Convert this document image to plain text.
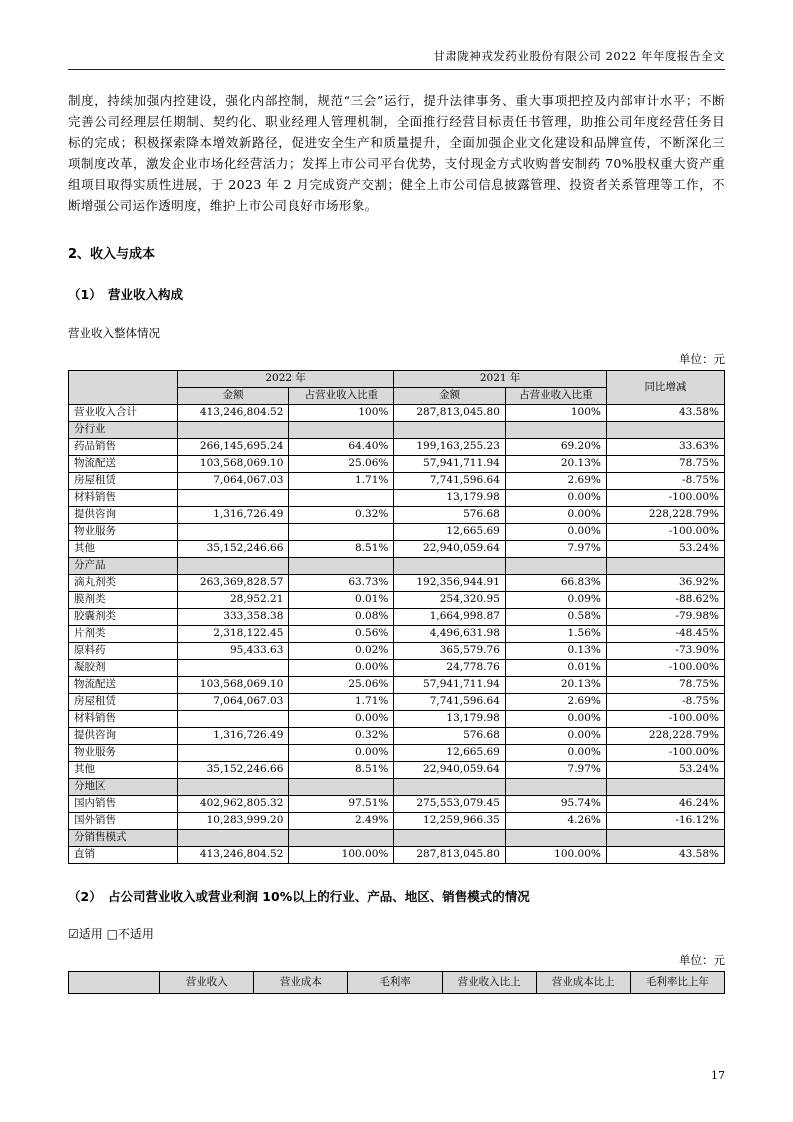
甘肃陇神戎发药业股份有限公司 2022 年年度报告全文

制度，持续加强内控建设，强化内部控制，规范“三会”运行，提升法律事务、重大事项把控及内部审计水平；不断完善公司经理层任期制、契约化、职业经理人管理机制，全面推行经营目标责任书管理，助推公司年度经营任务目标的完成；积极探索降本增效新路径，促进安全生产和质量提升，全面加强企业文化建设和品牌宣传，不断深化三项制度改革，激发企业市场化经营活力；发挥上市公司平台优势，支付现金方式收购普安制药 70%股权重大资产重组项目取得实质性进展，于 2023 年 2 月完成资产交割；健全上市公司信息披露管理、投资者关系管理等工作，不断增强公司运作透明度，维护上市公司良好市场形象。

2、收入与成本
（1）　营业收入构成

营业收入整体情况

单位：元
	2022 年		2021 年		同比增减
	金额	占营业收入比重	金额	占营业收入比重	
营业收入合计	413,246,804.52	100%	287,813,045.80	100%	43.58%
分行业					
药品销售	266,145,695.24	64.40%	199,163,255.23	69.20%	33.63%
物流配送	103,568,069.10	25.06%	57,941,711.94	20.13%	78.75%
房屋租赁	7,064,067.03	1.71%	7,741,596.64	2.69%	-8.75%
材料销售			13,179.98	0.00%	-100.00%
提供咨询	1,316,726.49	0.32%	576.68	0.00%	228,228.79%
物业服务			12,665.69	0.00%	-100.00%
其他	35,152,246.66	8.51%	22,940,059.64	7.97%	53.24%
分产品					
滴丸剂类	263,369,828.57	63.73%	192,356,944.91	66.83%	36.92%
膜剂类	28,952.21	0.01%	254,320.95	0.09%	-88.62%
胶囊剂类	333,358.38	0.08%	1,664,998.87	0.58%	-79.98%
片剂类	2,318,122.45	0.56%	4,496,631.98	1.56%	-48.45%
原料药	95,433.63	0.02%	365,579.76	0.13%	-73.90%
凝胶剂		0.00%	24,778.76	0.01%	-100.00%
物流配送	103,568,069.10	25.06%	57,941,711.94	20.13%	78.75%
房屋租赁	7,064,067.03	1.71%	7,741,596.64	2.69%	-8.75%
材料销售		0.00%	13,179.98	0.00%	-100.00%
提供咨询	1,316,726.49	0.32%	576.68	0.00%	228,228.79%
物业服务		0.00%	12,665.69	0.00%	-100.00%
其他	35,152,246.66	8.51%	22,940,059.64	7.97%	53.24%
分地区					
国内销售	402,962,805.32	97.51%	275,553,079.45	95.74%	46.24%
国外销售	10,283,999.20	2.49%	12,259,966.35	4.26%	-16.12%
分销售模式					
直销	413,246,804.52	100.00%	287,813,045.80	100.00%	43.58%
（2）　占公司营业收入或营业利润 10%以上的行业、产品、地区、销售模式的情况

☑适用 □不适用

单位：元
	营业收入	营业成本	毛利率	营业收入比上	营业成本比上	毛利率比上年
17
